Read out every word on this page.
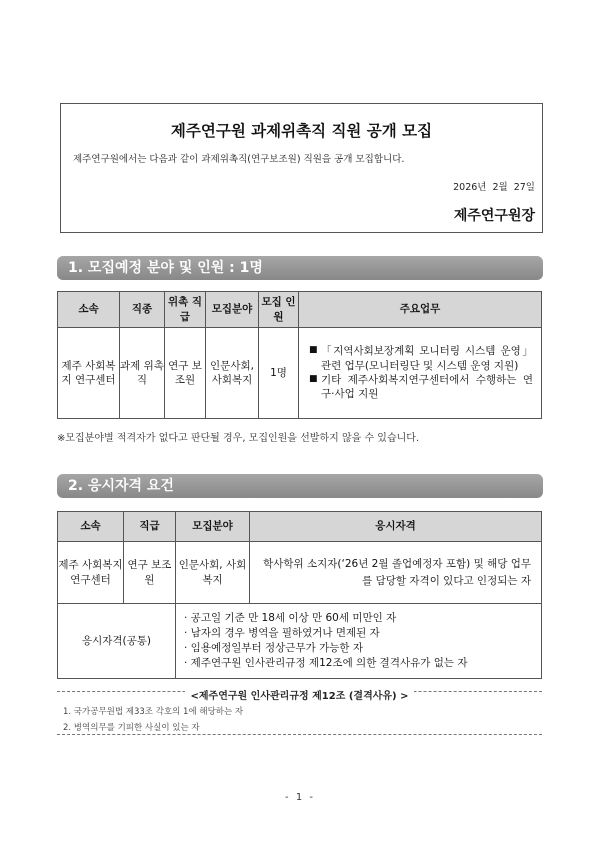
제주연구원 과제위촉직 직원 공개 모집
제주연구원에서는 다음과 같이 과제위촉직(연구보조원) 직원을 공개 모집합니다.
2026년 2월 27일
제주연구원장
1. 모집예정 분야 및 인원 : 1명
소속	직종	위촉 직급	모집분야	모집 인원	주요업무
제주 사회복지 연구센터	과제 위촉직	연구 보조원	인문사회, 사회복지	1명	■ 「지역사회보장계획 모니터링 시스템 운영」관련 업무(모니터링단 및 시스템 운영 지원)
■ 기타 제주사회복지연구센터에서 수행하는 연구·사업 지원
※모집분야별 적격자가 없다고 판단될 경우, 모집인원을 선발하지 않을 수 있습니다.
2. 응시자격 요건
소속	직급	모집분야	응시자격
제주 사회복지 연구센터	연구 보조원	인문사회, 사회복지	학사학위 소지자(‘26년 2월 졸업예정자 포함) 및 해당 업무를 담당할 자격이 있다고 인정되는 자
응시자격(공통)		· 공고일 기준 만 18세 이상 만 60세 미만인 자
· 남자의 경우 병역을 필하였거나 면제된 자
· 임용예정일부터 정상근무가 가능한 자
· 제주연구원 인사관리규정 제12조에 의한 결격사유가 없는 자	
<제주연구원 인사관리규정 제12조 (결격사유) >
1. 국가공무원법 제33조 각호의 1에 해당하는 자
2. 병역의무를 기피한 사실이 있는 자
- 1 -
